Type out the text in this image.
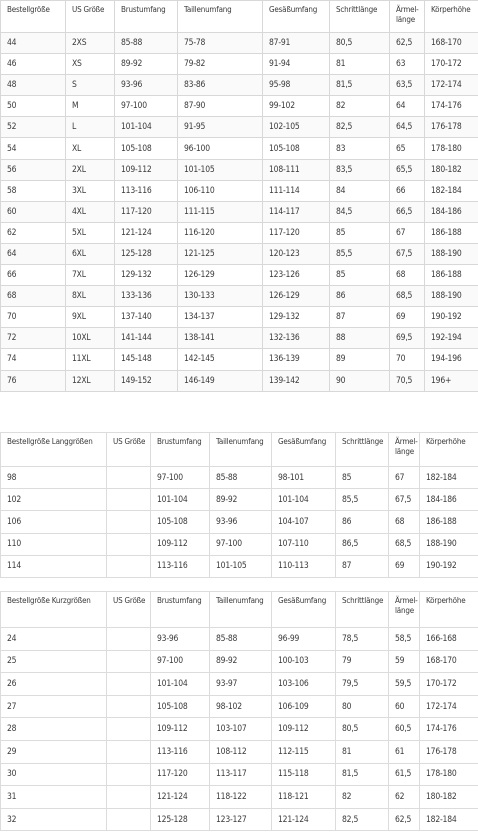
Bestellgröße	US Größe	Brustumfang	Taillenumfang	Gesäßumfang	Schrittlänge	Ärmel-
länge	Körperhöhe
44	2XS	85-88	75-78	87-91	80,5	62,5	168-170
46	XS	89-92	79-82	91-94	81	63	170-172
48	S	93-96	83-86	95-98	81,5	63,5	172-174
50	M	97-100	87-90	99-102	82	64	174-176
52	L	101-104	91-95	102-105	82,5	64,5	176-178
54	XL	105-108	96-100	105-108	83	65	178-180
56	2XL	109-112	101-105	108-111	83,5	65,5	180-182
58	3XL	113-116	106-110	111-114	84	66	182-184
60	4XL	117-120	111-115	114-117	84,5	66,5	184-186
62	5XL	121-124	116-120	117-120	85	67	186-188
64	6XL	125-128	121-125	120-123	85,5	67,5	188-190
66	7XL	129-132	126-129	123-126	85	68	186-188
68	8XL	133-136	130-133	126-129	86	68,5	188-190
70	9XL	137-140	134-137	129-132	87	69	190-192
72	10XL	141-144	138-141	132-136	88	69,5	192-194
74	11XL	145-148	142-145	136-139	89	70	194-196
76	12XL	149-152	146-149	139-142	90	70,5	196+
Bestellgröße Langgrößen	US Größe	Brustumfang	Taillenumfang	Gesäßumfang	Schrittlänge	Ärmel-
länge	Körperhöhe
98		97-100	85-88	98-101	85	67	182-184
102		101-104	89-92	101-104	85,5	67,5	184-186
106		105-108	93-96	104-107	86	68	186-188
110		109-112	97-100	107-110	86,5	68,5	188-190
114		113-116	101-105	110-113	87	69	190-192
Bestellgröße Kurzgrößen	US Größe	Brustumfang	Taillenumfang	Gesäßumfang	Schrittlänge	Ärmel-
länge	Körperhöhe
24		93-96	85-88	96-99	78,5	58,5	166-168
25		97-100	89-92	100-103	79	59	168-170
26		101-104	93-97	103-106	79,5	59,5	170-172
27		105-108	98-102	106-109	80	60	172-174
28		109-112	103-107	109-112	80,5	60,5	174-176
29		113-116	108-112	112-115	81	61	176-178
30		117-120	113-117	115-118	81,5	61,5	178-180
31		121-124	118-122	118-121	82	62	180-182
32		125-128	123-127	121-124	82,5	62,5	182-184
